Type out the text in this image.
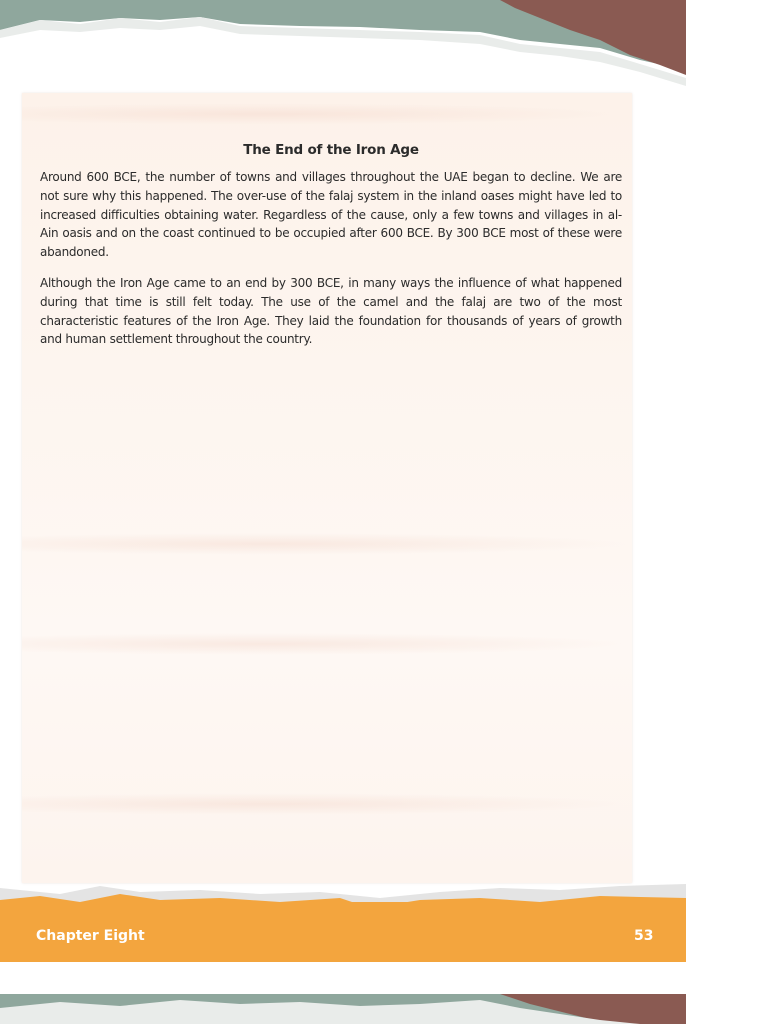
The End of the Iron Age

Around 600 BCE, the number of towns and villages throughout the UAE began to decline. We are not sure why this happened. The over-use of the falaj system in the inland oases might have led to increased difficulties obtaining water. Regardless of the cause, only a few towns and villages in al-Ain oasis and on the coast continued to be occupied after 600 BCE. By 300 BCE most of these were abandoned.

Although the Iron Age came to an end by 300 BCE, in many ways the influence of what happened during that time is still felt today. The use of the camel and the falaj are two of the most characteristic features of the Iron Age. They laid the foundation for thousands of years of growth and human settlement throughout the country.

Chapter Eight	53
